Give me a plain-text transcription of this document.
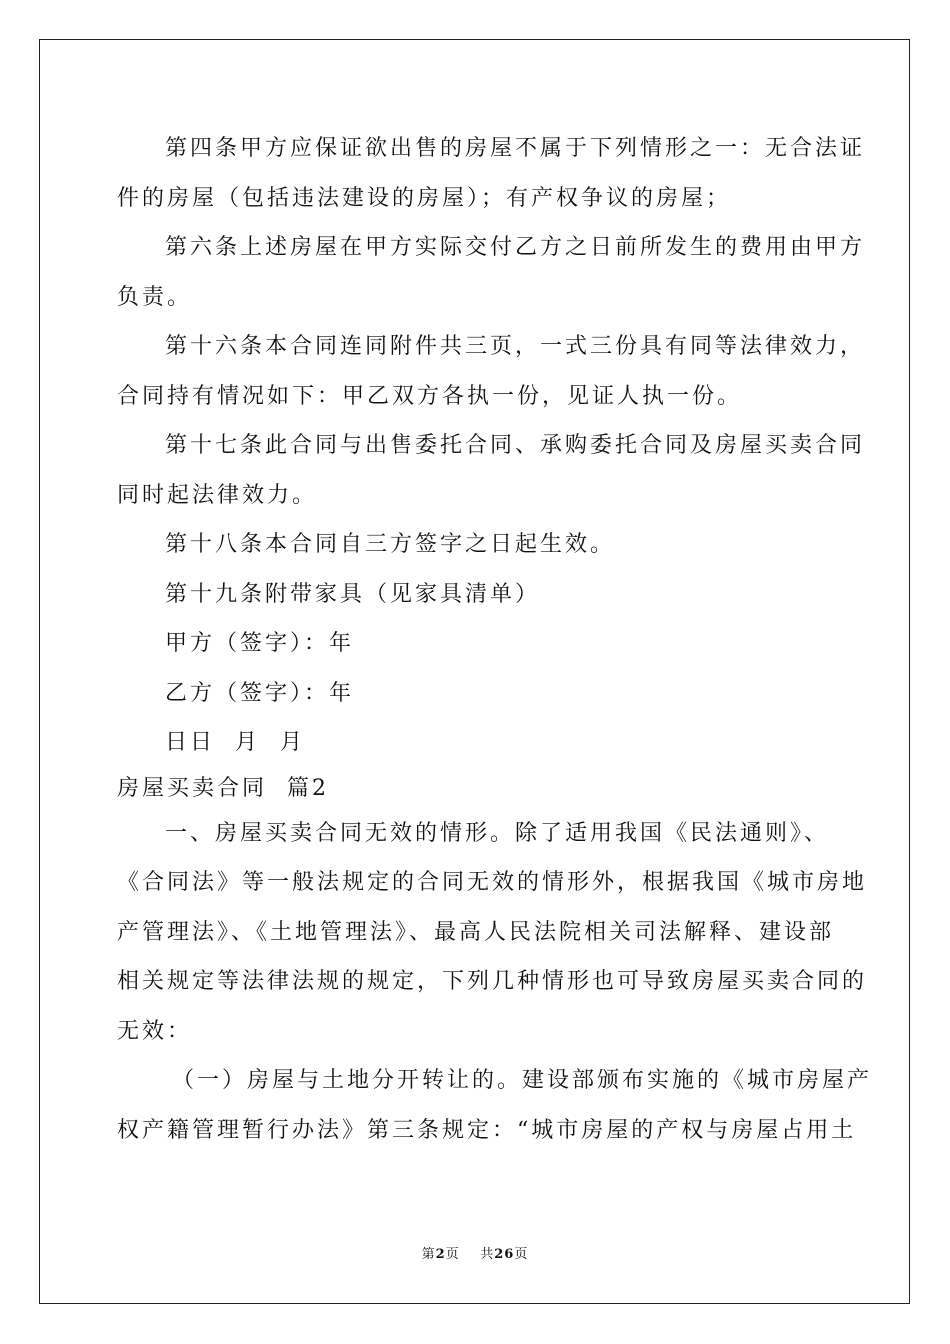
第四条甲方应保证欲出售的房屋不属于下列情形之一：无合法证
件的房屋（包括违法建设的房屋）；有产权争议的房屋；
第六条上述房屋在甲方实际交付乙方之日前所发生的费用由甲方
负责。
第十六条本合同连同附件共三页，一式三份具有同等法律效力，
合同持有情况如下：甲乙双方各执一份，见证人执一份。
第十七条此合同与出售委托合同、承购委托合同及房屋买卖合同
同时起法律效力。
第十八条本合同自三方签字之日起生效。
第十九条附带家具（见家具清单）
甲方（签字）：年
乙方（签字）：年
日日  月  月
房屋买卖合同  篇2
一、房屋买卖合同无效的情形。除了适用我国《民法通则》、
《合同法》等一般法规定的合同无效的情形外，根据我国《城市房地
产管理法》、《土地管理法》、最高人民法院相关司法解释、建设部
相关规定等法律法规的规定，下列几种情形也可导致房屋买卖合同的
无效：
（一）房屋与土地分开转让的。建设部颁布实施的《城市房屋产
权产籍管理暂行办法》第三条规定：“城市房屋的产权与房屋占用土
第2页    共26页
